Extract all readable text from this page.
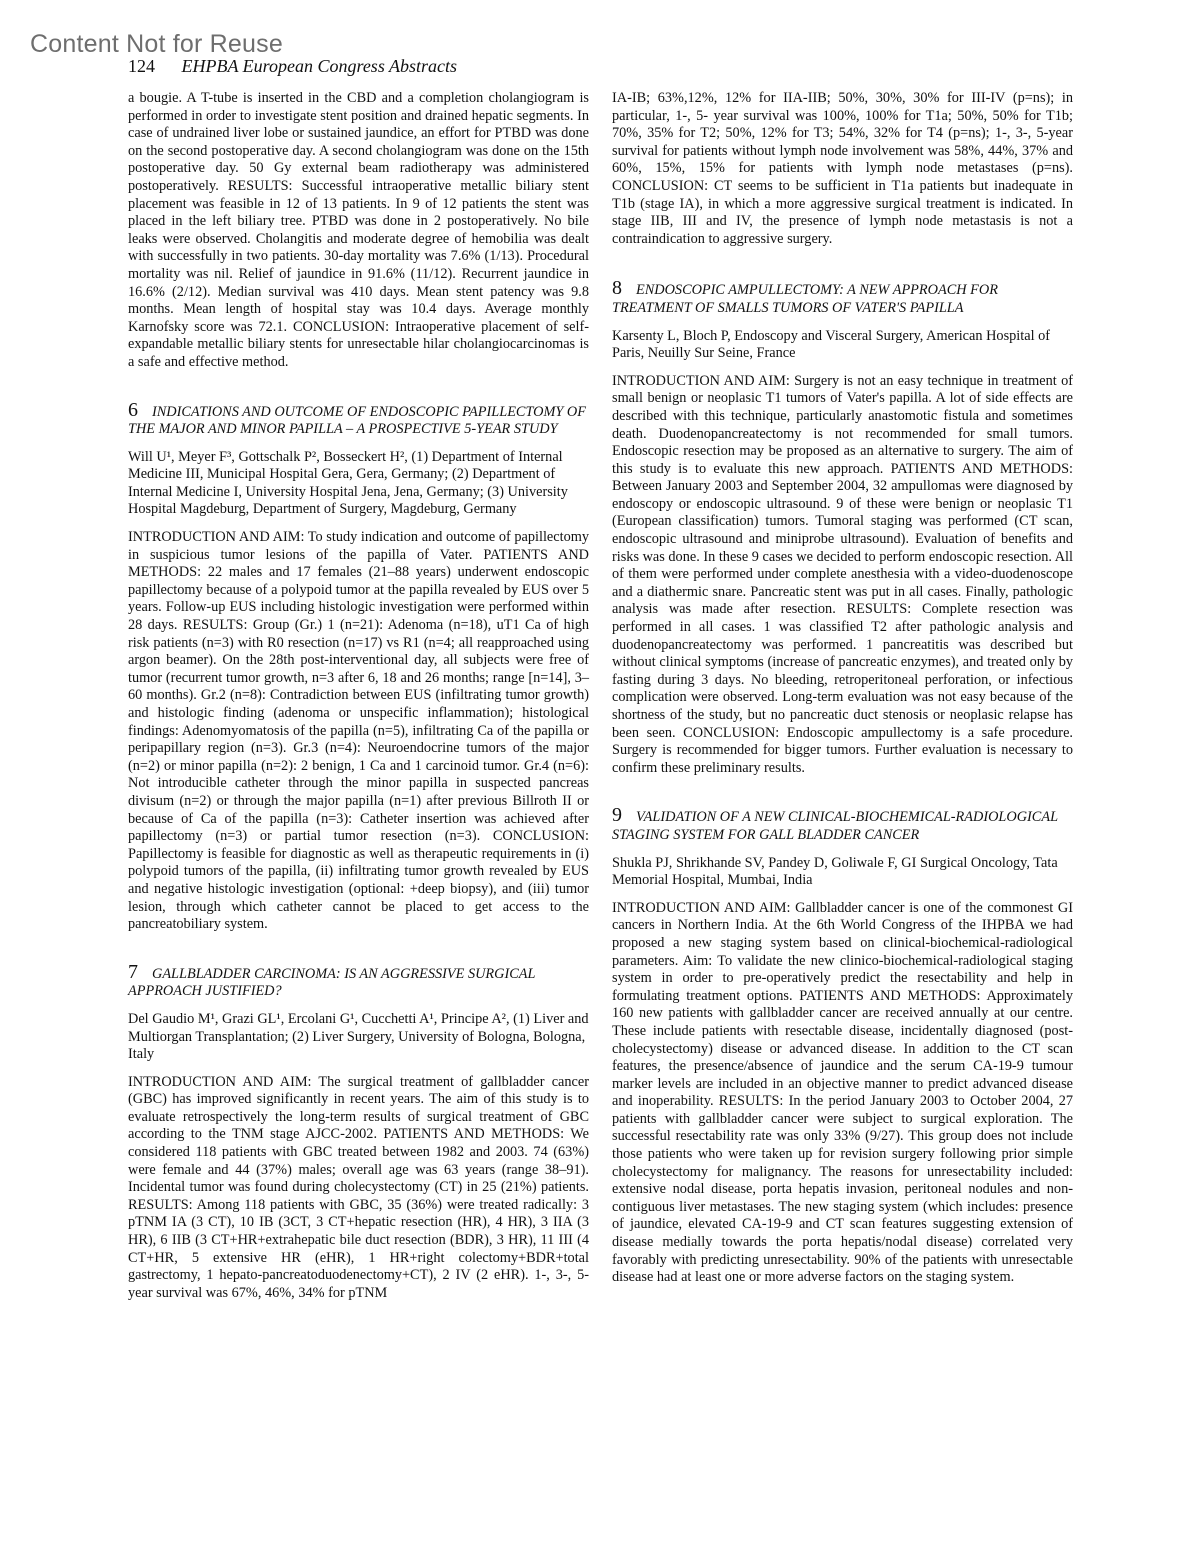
Content Not for Reuse
124 EHPBA European Congress Abstracts

a bougie. A T-tube is inserted in the CBD and a completion cholangiogram is performed in order to investigate stent position and drained hepatic segments. In case of undrained liver lobe or sustained jaundice, an effort for PTBD was done on the second postoperative day. A second cholangiogram was done on the 15th postoperative day. 50 Gy external beam radiotherapy was administered postoperatively. RESULTS: Successful intraoperative metallic biliary stent placement was feasible in 12 of 13 patients. In 9 of 12 patients the stent was placed in the left biliary tree. PTBD was done in 2 postoperatively. No bile leaks were observed. Cholangitis and moderate degree of hemobilia was dealt with successfully in two patients. 30-day mortality was 7.6% (1/13). Procedural mortality was nil. Relief of jaundice in 91.6% (11/12). Recurrent jaundice in 16.6% (2/12). Median survival was 410 days. Mean stent patency was 9.8 months. Mean length of hospital stay was 10.4 days. Average monthly Karnofsky score was 72.1. CONCLUSION: Intraoperative placement of self-expandable metallic biliary stents for unresectable hilar cholangiocarcinomas is a safe and effective method.

6 INDICATIONS AND OUTCOME OF ENDOSCOPIC PAPILLECTOMY OF THE MAJOR AND MINOR PAPILLA – A PROSPECTIVE 5-YEAR STUDY
Will U¹, Meyer F³, Gottschalk P², Bosseckert H², (1) Department of Internal Medicine III, Municipal Hospital Gera, Gera, Germany; (2) Department of Internal Medicine I, University Hospital Jena, Jena, Germany; (3) University Hospital Magdeburg, Department of Surgery, Magdeburg, Germany

INTRODUCTION AND AIM: To study indication and outcome of papillectomy in suspicious tumor lesions of the papilla of Vater. PATIENTS AND METHODS: 22 males and 17 females (21–88 years) underwent endoscopic papillectomy because of a polypoid tumor at the papilla revealed by EUS over 5 years. Follow-up EUS including histologic investigation were performed within 28 days. RESULTS: Group (Gr.) 1 (n=21): Adenoma (n=18), uT1 Ca of high risk patients (n=3) with R0 resection (n=17) vs R1 (n=4; all reapproached using argon beamer). On the 28th post-interventional day, all subjects were free of tumor (recurrent tumor growth, n=3 after 6, 18 and 26 months; range [n=14], 3–60 months). Gr.2 (n=8): Contradiction between EUS (infiltrating tumor growth) and histologic finding (adenoma or unspecific inflammation); histological findings: Adenomyomatosis of the papilla (n=5), infiltrating Ca of the papilla or peripapillary region (n=3). Gr.3 (n=4): Neuroendocrine tumors of the major (n=2) or minor papilla (n=2): 2 benign, 1 Ca and 1 carcinoid tumor. Gr.4 (n=6): Not introducible catheter through the minor papilla in suspected pancreas divisum (n=2) or through the major papilla (n=1) after previous Billroth II or because of Ca of the papilla (n=3): Catheter insertion was achieved after papillectomy (n=3) or partial tumor resection (n=3). CONCLUSION: Papillectomy is feasible for diagnostic as well as therapeutic requirements in (i) polypoid tumors of the papilla, (ii) infiltrating tumor growth revealed by EUS and negative histologic investigation (optional: +deep biopsy), and (iii) tumor lesion, through which catheter cannot be placed to get access to the pancreatobiliary system.

7 GALLBLADDER CARCINOMA: IS AN AGGRESSIVE SURGICAL APPROACH JUSTIFIED?
Del Gaudio M¹, Grazi GL¹, Ercolani G¹, Cucchetti A¹, Principe A², (1) Liver and Multiorgan Transplantation; (2) Liver Surgery, University of Bologna, Bologna, Italy

INTRODUCTION AND AIM: The surgical treatment of gallbladder cancer (GBC) has improved significantly in recent years. The aim of this study is to evaluate retrospectively the long-term results of surgical treatment of GBC according to the TNM stage AJCC-2002. PATIENTS AND METHODS: We considered 118 patients with GBC treated between 1982 and 2003. 74 (63%) were female and 44 (37%) males; overall age was 63 years (range 38–91). Incidental tumor was found during cholecystectomy (CT) in 25 (21%) patients. RESULTS: Among 118 patients with GBC, 35 (36%) were treated radically: 3 pTNM IA (3 CT), 10 IB (3CT, 3 CT+hepatic resection (HR), 4 HR), 3 IIA (3 HR), 6 IIB (3 CT+HR+extrahepatic bile duct resection (BDR), 3 HR), 11 III (4 CT+HR, 5 extensive HR (eHR), 1 HR+right colectomy+BDR+total gastrectomy, 1 hepato-pancreatoduodenectomy+CT), 2 IV (2 eHR). 1-, 3-, 5-year survival was 67%, 46%, 34% for pTNM

IA-IB; 63%,12%, 12% for IIA-IIB; 50%, 30%, 30% for III-IV (p=ns); in particular, 1-, 5- year survival was 100%, 100% for T1a; 50%, 50% for T1b; 70%, 35% for T2; 50%, 12% for T3; 54%, 32% for T4 (p=ns); 1-, 3-, 5-year survival for patients without lymph node involvement was 58%, 44%, 37% and 60%, 15%, 15% for patients with lymph node metastases (p=ns). CONCLUSION: CT seems to be sufficient in T1a patients but inadequate in T1b (stage IA), in which a more aggressive surgical treatment is indicated. In stage IIB, III and IV, the presence of lymph node metastasis is not a contraindication to aggressive surgery.

8 ENDOSCOPIC AMPULLECTOMY: A NEW APPROACH FOR TREATMENT OF SMALLS TUMORS OF VATER'S PAPILLA
Karsenty L, Bloch P, Endoscopy and Visceral Surgery, American Hospital of Paris, Neuilly Sur Seine, France

INTRODUCTION AND AIM: Surgery is not an easy technique in treatment of small benign or neoplasic T1 tumors of Vater's papilla. A lot of side effects are described with this technique, particularly anastomotic fistula and sometimes death. Duodenopancreatectomy is not recommended for small tumors. Endoscopic resection may be proposed as an alternative to surgery. The aim of this study is to evaluate this new approach. PATIENTS AND METHODS: Between January 2003 and September 2004, 32 ampullomas were diagnosed by endoscopy or endoscopic ultrasound. 9 of these were benign or neoplasic T1 (European classification) tumors. Tumoral staging was performed (CT scan, endoscopic ultrasound and miniprobe ultrasound). Evaluation of benefits and risks was done. In these 9 cases we decided to perform endoscopic resection. All of them were performed under complete anesthesia with a video-duodenoscope and a diathermic snare. Pancreatic stent was put in all cases. Finally, pathologic analysis was made after resection. RESULTS: Complete resection was performed in all cases. 1 was classified T2 after pathologic analysis and duodenopancreatectomy was performed. 1 pancreatitis was described but without clinical symptoms (increase of pancreatic enzymes), and treated only by fasting during 3 days. No bleeding, retroperitoneal perforation, or infectious complication were observed. Long-term evaluation was not easy because of the shortness of the study, but no pancreatic duct stenosis or neoplasic relapse has been seen. CONCLUSION: Endoscopic ampullectomy is a safe procedure. Surgery is recommended for bigger tumors. Further evaluation is necessary to confirm these preliminary results.

9 VALIDATION OF A NEW CLINICAL-BIOCHEMICAL-RADIOLOGICAL STAGING SYSTEM FOR GALL BLADDER CANCER
Shukla PJ, Shrikhande SV, Pandey D, Goliwale F, GI Surgical Oncology, Tata Memorial Hospital, Mumbai, India

INTRODUCTION AND AIM: Gallbladder cancer is one of the commonest GI cancers in Northern India. At the 6th World Congress of the IHPBA we had proposed a new staging system based on clinical-biochemical-radiological parameters. Aim: To validate the new clinico-biochemical-radiological staging system in order to pre-operatively predict the resectability and help in formulating treatment options. PATIENTS AND METHODS: Approximately 160 new patients with gallbladder cancer are received annually at our centre. These include patients with resectable disease, incidentally diagnosed (post-cholecystectomy) disease or advanced disease. In addition to the CT scan features, the presence/absence of jaundice and the serum CA-19-9 tumour marker levels are included in an objective manner to predict advanced disease and inoperability. RESULTS: In the period January 2003 to October 2004, 27 patients with gallbladder cancer were subject to surgical exploration. The successful resectability rate was only 33% (9/27). This group does not include those patients who were taken up for revision surgery following prior simple cholecystectomy for malignancy. The reasons for unresectability included: extensive nodal disease, porta hepatis invasion, peritoneal nodules and non-contiguous liver metastases. The new staging system (which includes: presence of jaundice, elevated CA-19-9 and CT scan features suggesting extension of disease medially towards the porta hepatis/nodal disease) correlated very favorably with predicting unresectability. 90% of the patients with unresectable disease had at least one or more adverse factors on the staging system.
